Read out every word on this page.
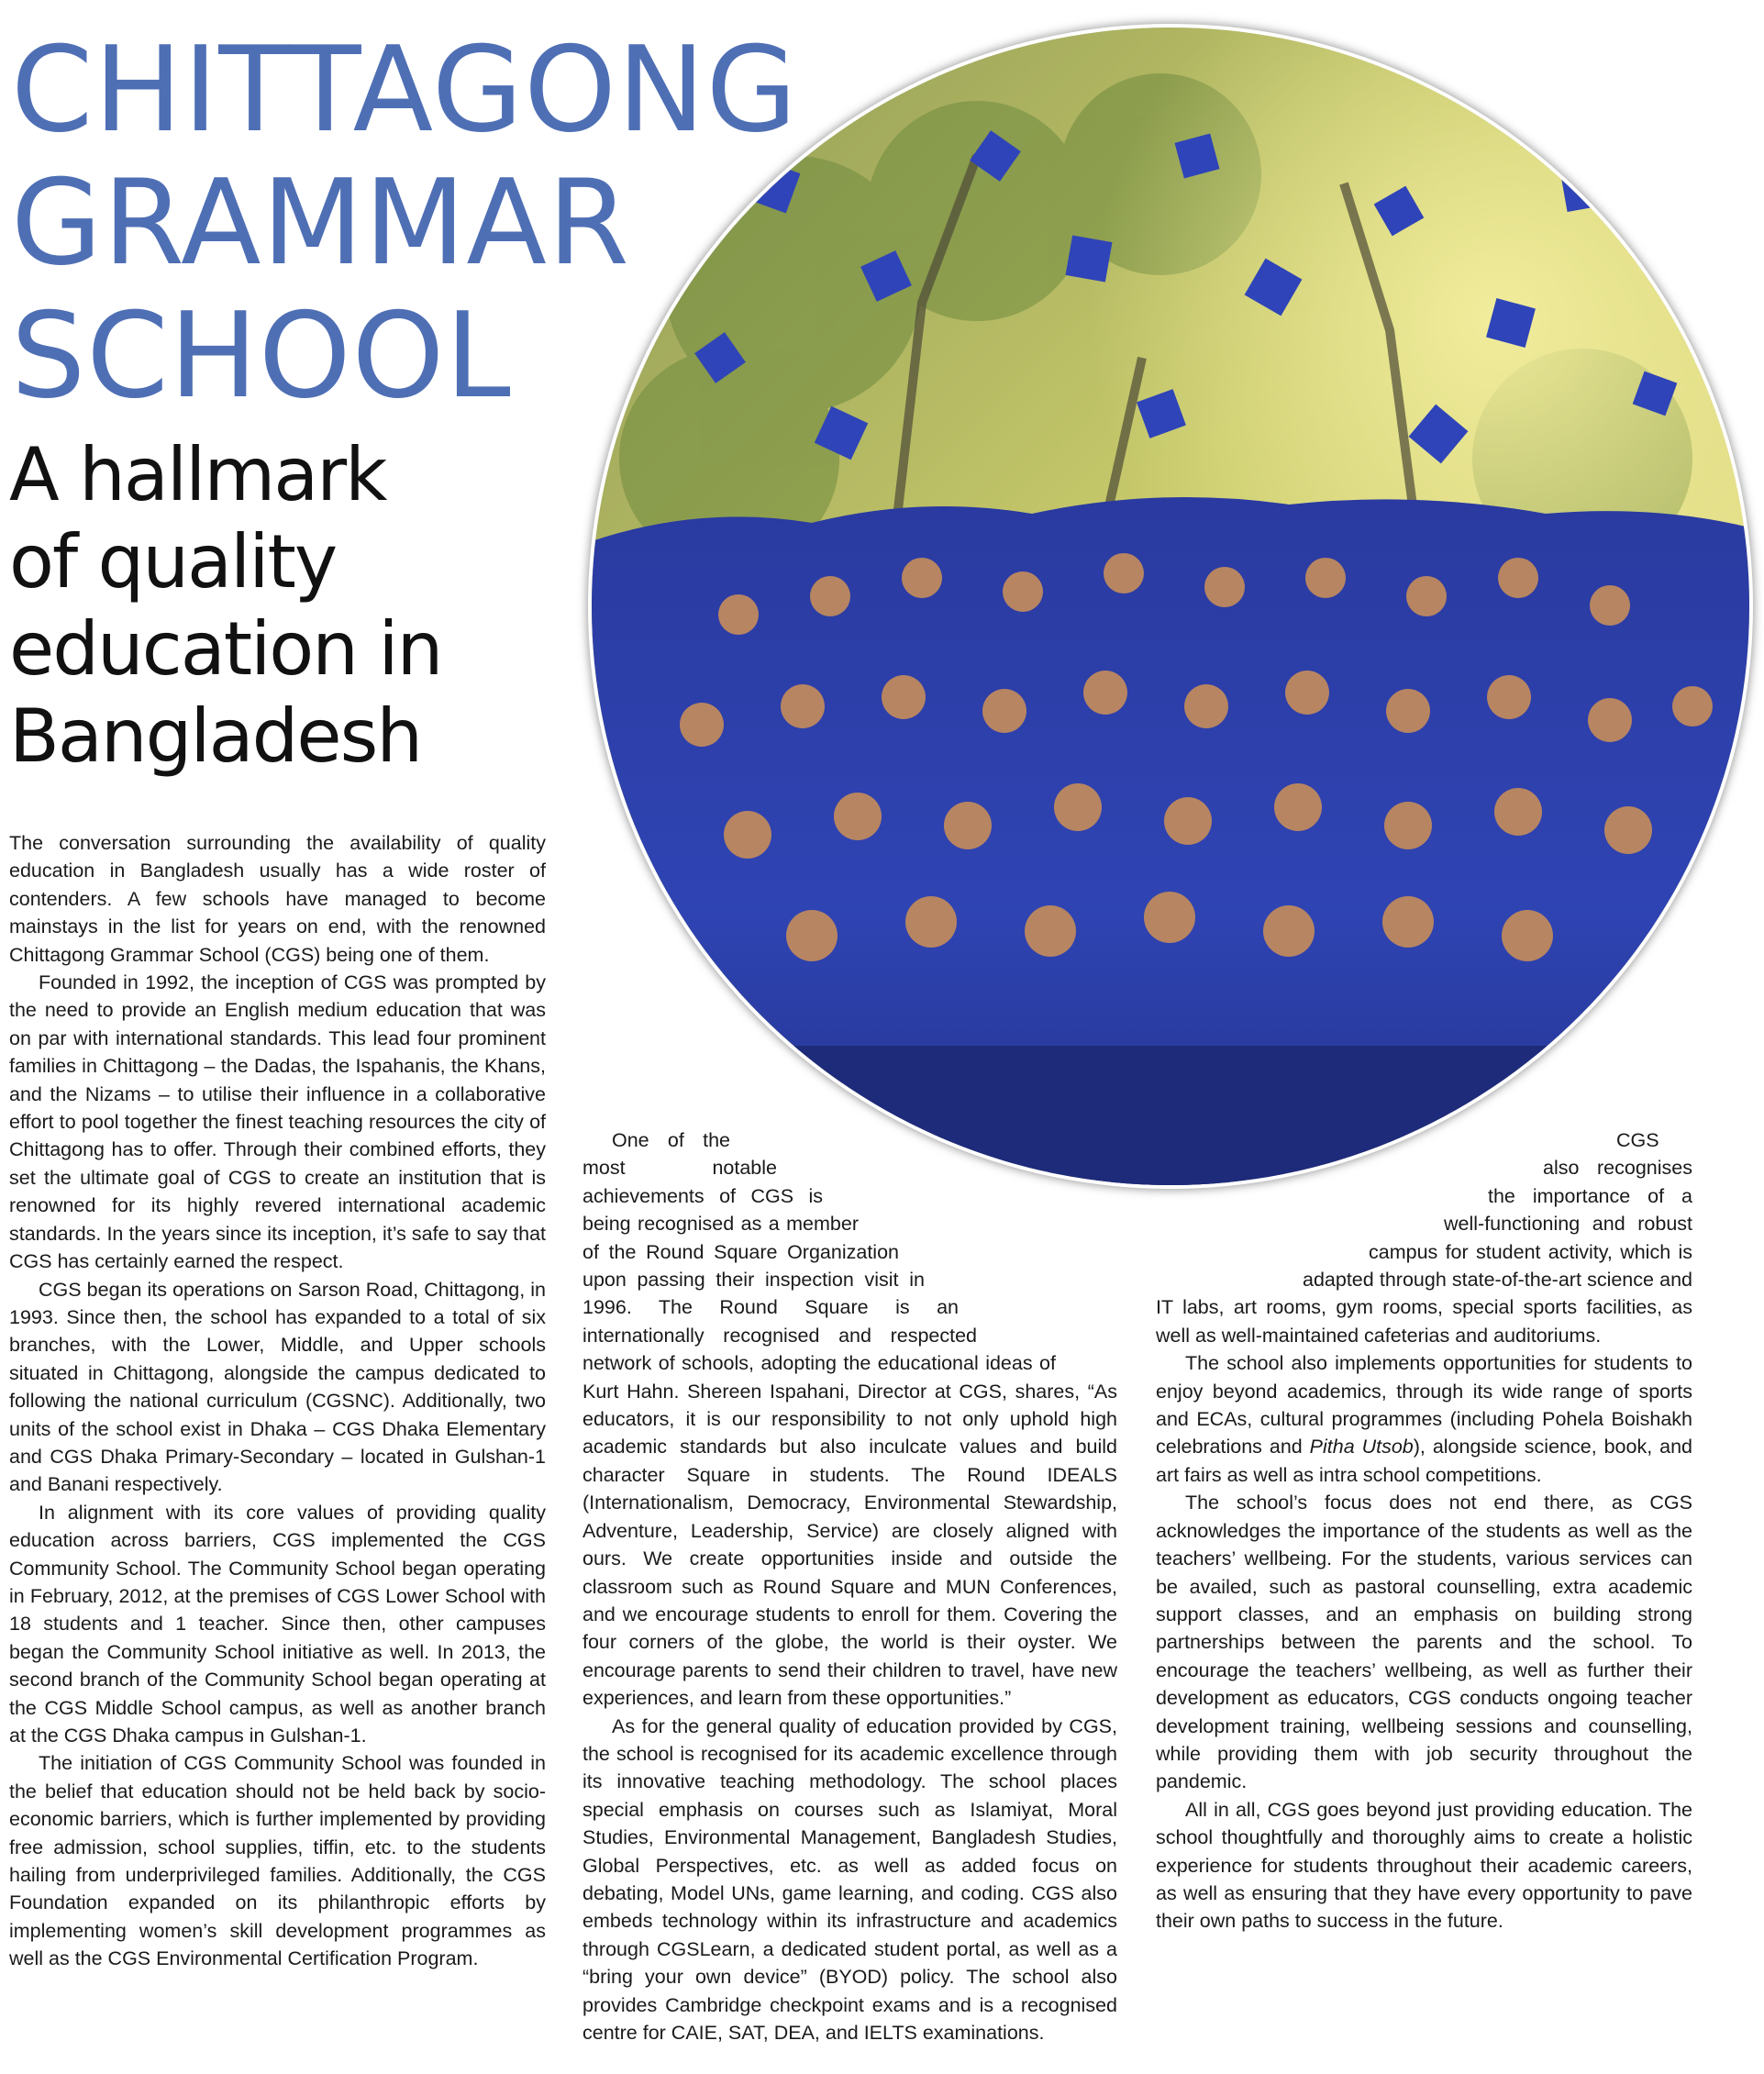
CHITTAGONG
GRAMMAR
SCHOOL
A hallmark
of quality
education in
Bangladesh

The conversation surrounding the availability of quality education in Bangladesh usually has a wide roster of contenders. A few schools have managed to become mainstays in the list for years on end, with the renowned Chittagong Grammar School (CGS) being one of them.

Founded in 1992, the inception of CGS was prompted by the need to provide an English medium education that was on par with international standards. This lead four prominent families in Chittagong – the Dadas, the Ispahanis, the Khans, and the Nizams – to utilise their influence in a collaborative effort to pool together the finest teaching resources the city of Chittagong has to offer. Through their combined efforts, they set the ultimate goal of CGS to create an institution that is renowned for its highly revered international academic standards. In the years since its inception, it’s safe to say that CGS has certainly earned the respect.

CGS began its operations on Sarson Road, Chittagong, in 1993. Since then, the school has expanded to a total of six branches, with the Lower, Middle, and Upper schools situated in Chittagong, alongside the campus dedicated to following the national curriculum (CGSNC). Additionally, two units of the school exist in Dhaka – CGS Dhaka Elementary and CGS Dhaka Primary-Secondary – located in Gulshan-1 and Banani respectively.

In alignment with its core values of providing quality education across barriers, CGS implemented the CGS Community School. The Community School began operating in February, 2012, at the premises of CGS Lower School with 18 students and 1 teacher. Since then, other campuses began the Community School initiative as well. In 2013, the second branch of the Community School began operating at the CGS Middle School campus, as well as another branch at the CGS Dhaka campus in Gulshan-1.

The initiation of CGS Community School was founded in the belief that education should not be held back by socio-economic barriers, which is further implemented by providing free admission, school supplies, tiffin, etc. to the students hailing from underprivileged families. Additionally, the CGS Foundation expanded on its philanthropic efforts by implementing women’s skill development programmes as well as the CGS Environmental Certification Program.

One of the most notable achievements of CGS is being recognised as a member of the Round Square Organization upon passing their inspection visit in 1996. The Round Square is an internationally recognised and respected network of schools, adopting the educational ideas of Kurt Hahn. Shereen Ispahani, Director at CGS, shares, “As educators, it is our responsibility to not only uphold high academic standards but also inculcate values and build character Square in students. The Round IDEALS (Internationalism, Democracy, Environmental Stewardship, Adventure, Leadership, Service) are closely aligned with ours. We create opportunities inside and outside the classroom such as Round Square and MUN Conferences, and we encourage students to enroll for them. Covering the four corners of the globe, the world is their oyster. We encourage parents to send their children to travel, have new experiences, and learn from these opportunities.”

As for the general quality of education provided by CGS, the school is recognised for its academic excellence through its innovative teaching methodology. The school places special emphasis on courses such as Islamiyat, Moral Studies, Environmental Management, Bangladesh Studies, Global Perspectives, etc. as well as added focus on debating, Model UNs, game learning, and coding. CGS also embeds technology within its infrastructure and academics through CGSLearn, a dedicated student portal, as well as a “bring your own device” (BYOD) policy. The school also provides Cambridge checkpoint exams and is a recognised centre for CAIE, SAT, DEA, and IELTS examinations.

CGS also recognises the importance of a well-functioning and robust campus for student activity, which is adapted through state-of-the-art science and IT labs, art rooms, gym rooms, special sports facilities, as well as well-maintained cafeterias and auditoriums.

The school also implements opportunities for students to enjoy beyond academics, through its wide range of sports and ECAs, cultural programmes (including Pohela Boishakh celebrations and Pitha Utsob), alongside science, book, and art fairs as well as intra school competitions.

The school’s focus does not end there, as CGS acknowledges the importance of the students as well as the teachers’ wellbeing. For the students, various services can be availed, such as pastoral counselling, extra academic support classes, and an emphasis on building strong partnerships between the parents and the school. To encourage the teachers’ wellbeing, as well as further their development as educators, CGS conducts ongoing teacher development training, wellbeing sessions and counselling, while providing them with job security throughout the pandemic.

All in all, CGS goes beyond just providing education. The school thoughtfully and thoroughly aims to create a holistic experience for students throughout their academic careers, as well as ensuring that they have every opportunity to pave their own paths to success in the future.
